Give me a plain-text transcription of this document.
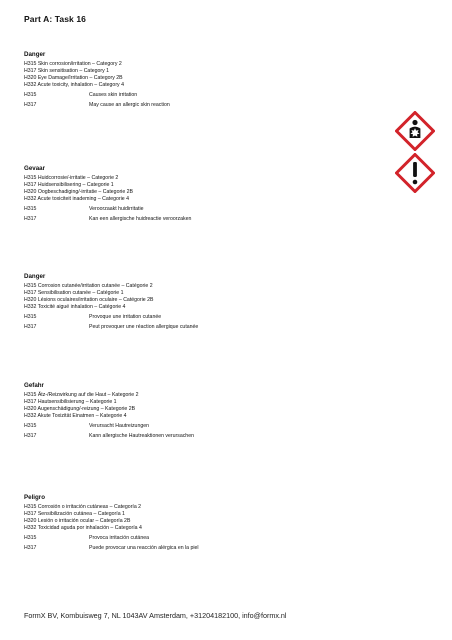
Part A: Task 16
Danger
H315 Skin corrosion/irritation – Category 2
H317 Skin sensitisation – Category 1
H320 Eye Damage/Irritation – Category 2B
H332 Acute toxicity, inhalation – Category 4
H315	Causes skin irritation
H317	May cause an allergic skin reaction
Gevaar
H315 Huidcorrosie/-irritatie – Categorie 2
H317 Huidsensibilisering – Categorie 1
H320 Oogbeschadiging/-irritatie – Categorie 2B
H332 Acute toxiciteit inademing – Categorie 4
H315	Veroorzaakt huidirritatie
H317	Kan een allergische huidreactie veroorzaken
Danger
H315 Corrosion cutanée/irritation cutanée – Catégorie 2
H317 Sensibilisation cutanée – Catégorie 1
H320 Lésions oculaires/irritation oculaire – Catégorie 2B
H332 Toxicité aiguë inhalation – Catégorie 4
H315	Provoque une irritation cutanée
H317	Peut provoquer une réaction allergique cutanée
Gefahr
H315 Ätz-/Reizwirkung auf die Haut – Kategorie 2
H317 Hautsensibilisierung – Kategorie 1
H320 Augenschädigung/-reizung – Kategorie 2B
H332 Akute Toxizität Einatmen – Kategorie 4
H315	Verursacht Hautreizungen
H317	Kann allergische Hautreaktionen verursachen
Peligro
H315 Corrosión o irritación cutáneas – Categoría 2
H317 Sensibilización cutánea – Categoría 1
H320 Lesión o irritación ocular – Categoría 2B
H332 Toxicidad aguda por inhalación – Categoría 4
H315	Provoca irritación cutánea
H317	Puede provocar una reacción alérgica en la piel
FormX BV, Kombuisweg 7, NL 1043AV Amsterdam, +31204182100, info@formx.nl
